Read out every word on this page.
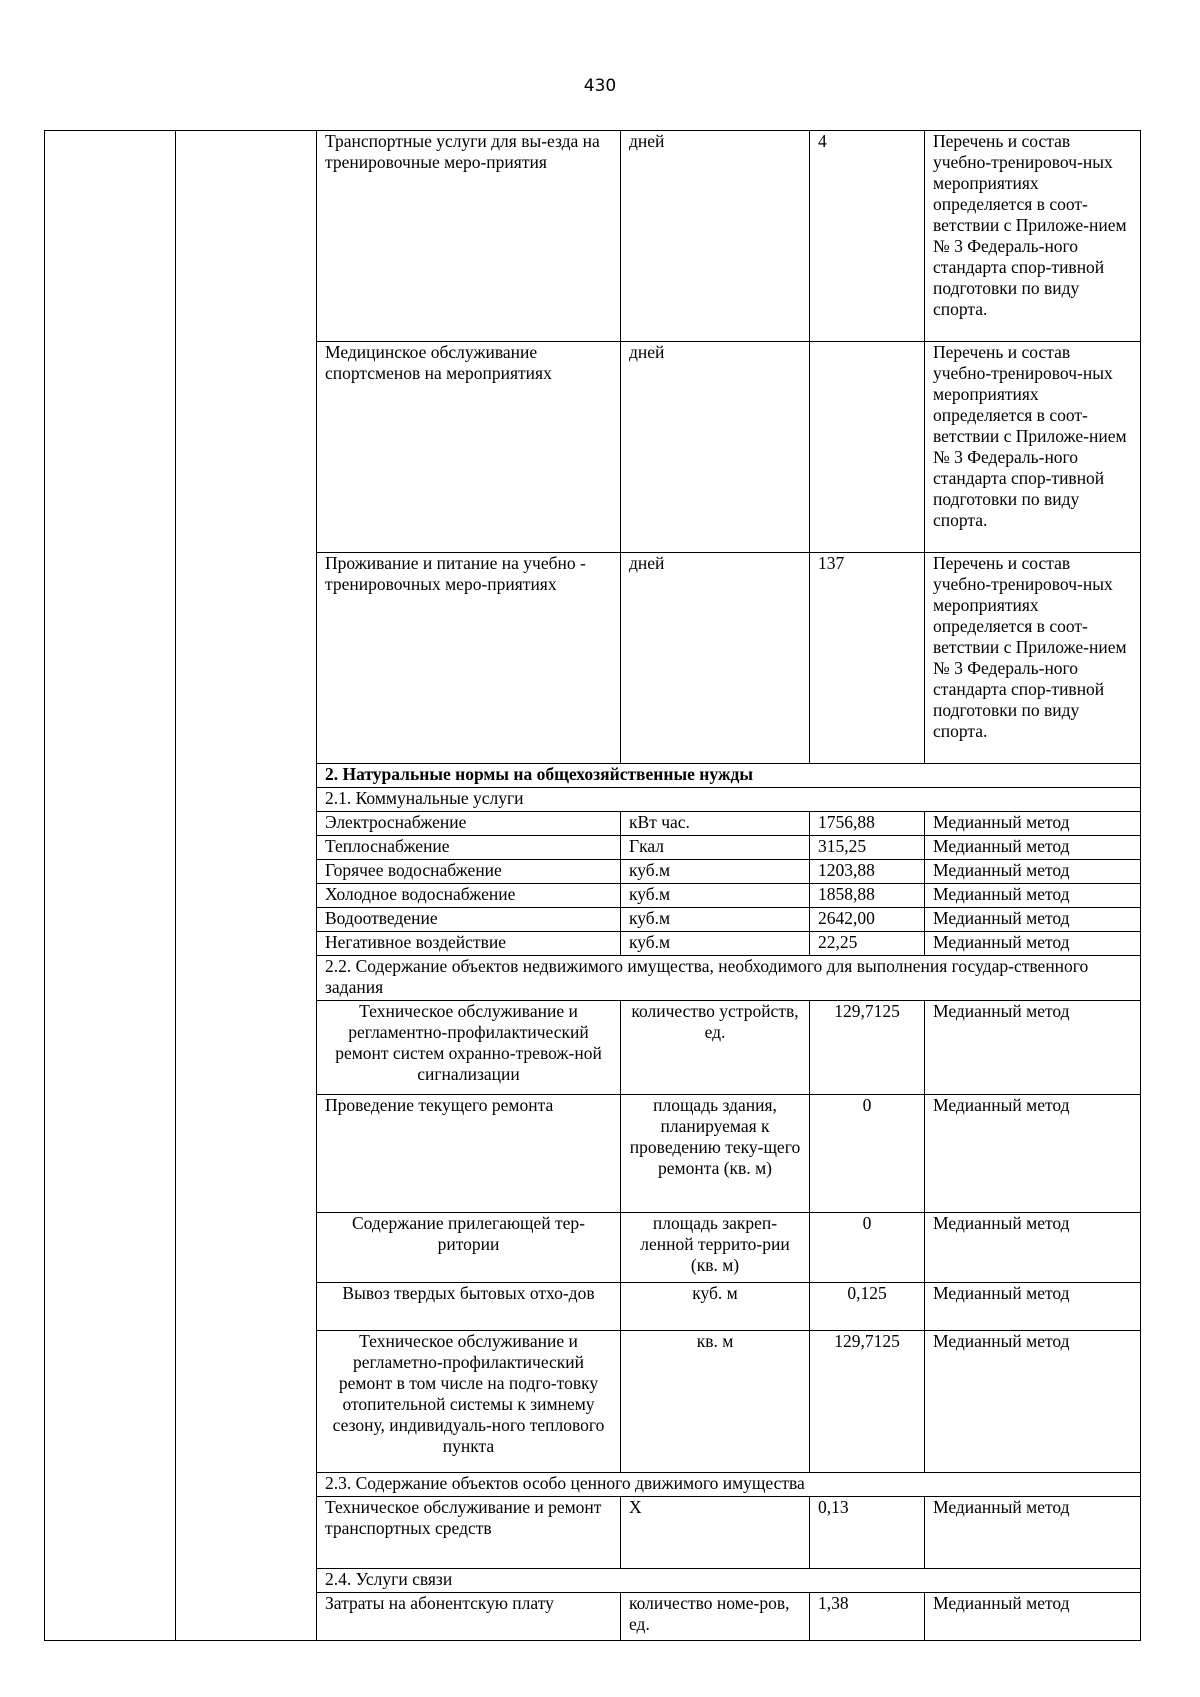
430
		Транспортные услуги для вы-езда на тренировочные меро-приятия	дней	4	Перечень и состав учебно-тренировоч-ных мероприятиях определяется в соот-ветствии с Приложе-нием № 3 Федераль-ного стандарта спор-тивной подготовки по виду спорта.
		Медицинское обслуживание спортсменов на мероприятиях	дней		Перечень и состав учебно-тренировоч-ных мероприятиях определяется в соот-ветствии с Приложе-нием № 3 Федераль-ного стандарта спор-тивной подготовки по виду спорта.
		Проживание и питание на учебно - тренировочных меро-приятиях	дней	137	Перечень и состав учебно-тренировоч-ных мероприятиях определяется в соот-ветствии с Приложе-нием № 3 Федераль-ного стандарта спор-тивной подготовки по виду спорта.
		2. Натуральные нормы на общехозяйственные нужды			
		2.1. Коммунальные услуги			
		Электроснабжение	кВт час.	1756,88	Медианный метод
		Теплоснабжение	Гкал	315,25	Медианный метод
		Горячее водоснабжение	куб.м	1203,88	Медианный метод
		Холодное водоснабжение	куб.м	1858,88	Медианный метод
		Водоотведение	куб.м	2642,00	Медианный метод
		Негативное воздействие	куб.м	22,25	Медианный метод
		2.2. Содержание объектов недвижимого имущества, необходимого для выполнения государ-ственного задания			
		Техническое обслуживание и регламентно-профилактический ремонт систем охранно-тревож-ной сигнализации	количество устройств, ед.	129,7125	Медианный метод
		Проведение текущего ремонта	площадь здания, планируемая к проведению теку-щего ремонта (кв. м)	0	Медианный метод
		Содержание прилегающей тер-ритории	площадь закреп-ленной террито-рии (кв. м)	0	Медианный метод
		Вывоз твердых бытовых отхо-дов	куб. м	0,125	Медианный метод
		Техническое обслуживание и регламетно-профилактический ремонт в том числе на подго-товку отопительной системы к зимнему сезону, индивидуаль-ного теплового пункта	кв. м	129,7125	Медианный метод
		2.3. Содержание объектов особо ценного движимого имущества			
		Техническое обслуживание и ремонт транспортных средств	Х	0,13	Медианный метод
		2.4. Услуги связи			
		Затраты на абонентскую плату	количество номе-ров, ед.	1,38	Медианный метод
